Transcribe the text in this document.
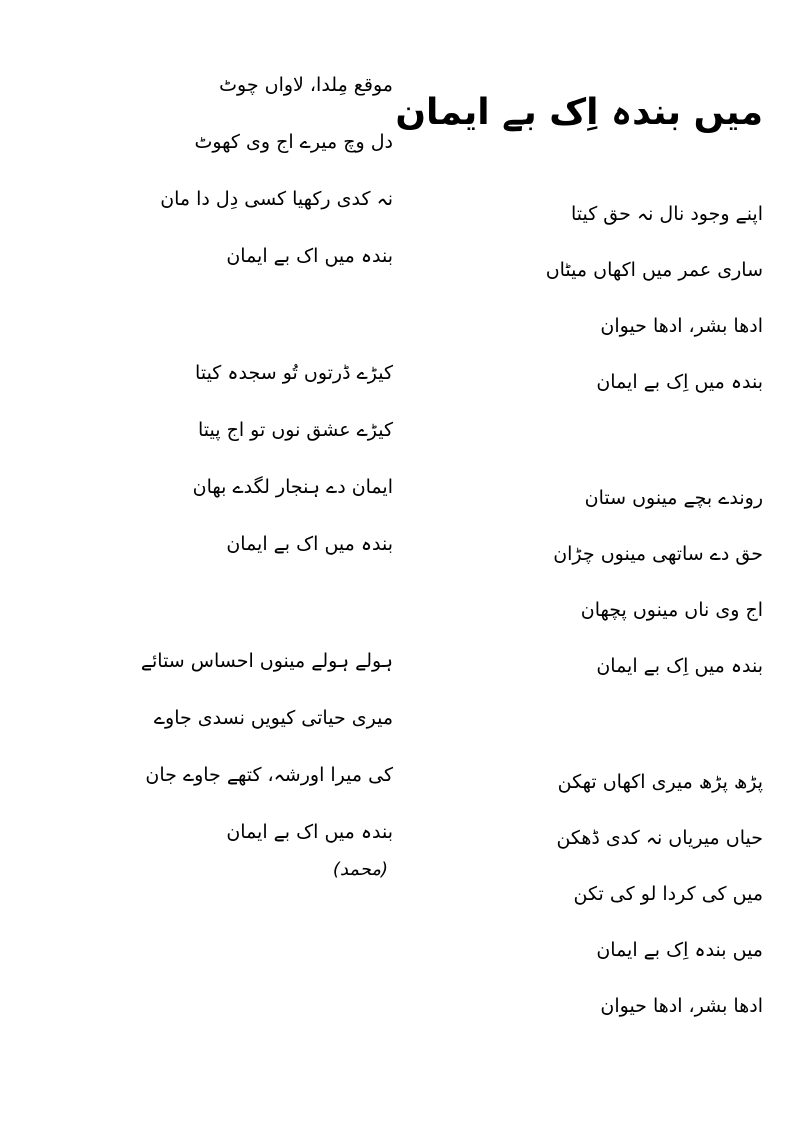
میں بندہ اِک بے ایمان
اپنے وجود نال نہ حق کیتا
ساری عمر میں اکھاں میٹاں
ادھا بشر، ادھا حیوان
بندہ میں اِک بے ایمان
روندے بچے مینوں ستان
حق دے ساتھی مینوں چڑان
اج وی ناں مینوں پچھان
بندہ میں اِک بے ایمان
پڑھ پڑھ میری اکھاں تھکن
حیاں میریاں نہ کدی ڈھکن
میں کی کردا لو کی تکن
میں بندہ اِک بے ایمان
ادھا بشر، ادھا حیوان
موقع مِلدا، لاواں چوٹ
دل وچ میرے اج وی کھوٹ
نہ کدی رکھیا کسی دِل دا مان
بندہ میں اک بے ایمان
کیڑے ڈرتوں تُو سجدہ کیتا
کیڑے عشق نوں تو اج پیتا
ایمان دے ہنجار لگدے بھان
بندہ میں اک بے ایمان
ہولے ہولے مینوں احساس ستائے
میری حیاتی کیویں نسدی جاوے
کی میرا اورشہ، کتھے جاوے جان
بندہ میں اک بے ایمان
(محمد)
